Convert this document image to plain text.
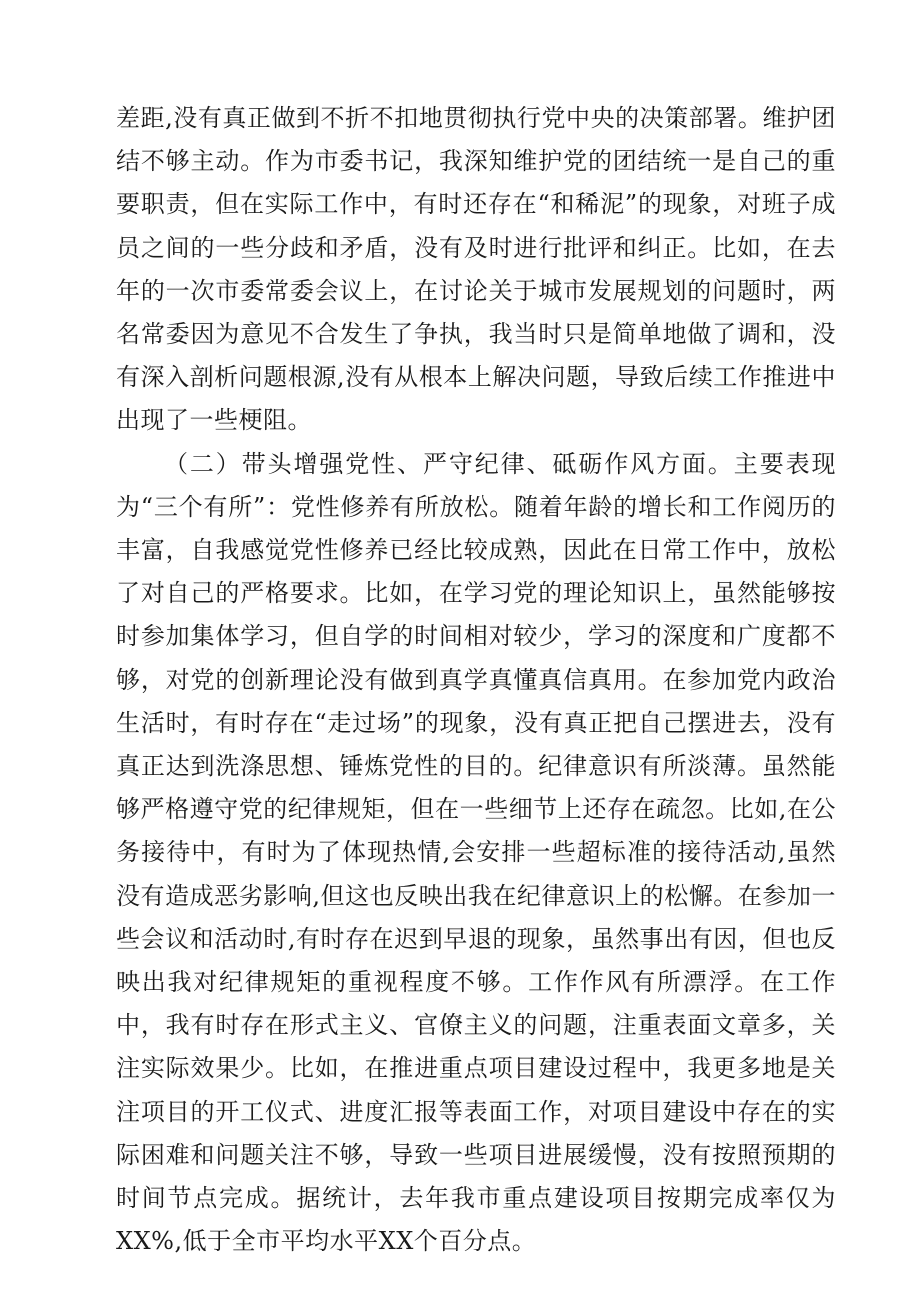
差距,没有真正做到不折不扣地贯彻执行党中央的决策部署。维护团结不够主动。作为市委书记，我深知维护党的团结统一是自己的重要职责，但在实际工作中，有时还存在“和稀泥”的现象，对班子成员之间的一些分歧和矛盾，没有及时进行批评和纠正。比如，在去年的一次市委常委会议上，在讨论关于城市发展规划的问题时，两名常委因为意见不合发生了争执，我当时只是简单地做了调和，没有深入剖析问题根源,没有从根本上解决问题，导致后续工作推进中出现了一些梗阻。

（二）带头增强党性、严守纪律、砥砺作风方面。主要表现为“三个有所”：党性修养有所放松。随着年龄的增长和工作阅历的丰富，自我感觉党性修养已经比较成熟，因此在日常工作中，放松了对自己的严格要求。比如，在学习党的理论知识上，虽然能够按时参加集体学习，但自学的时间相对较少，学习的深度和广度都不够，对党的创新理论没有做到真学真懂真信真用。在参加党内政治生活时，有时存在“走过场”的现象，没有真正把自己摆进去，没有真正达到洗涤思想、锤炼党性的目的。纪律意识有所淡薄。虽然能够严格遵守党的纪律规矩，但在一些细节上还存在疏忽。比如,在公务接待中，有时为了体现热情,会安排一些超标准的接待活动,虽然没有造成恶劣影响,但这也反映出我在纪律意识上的松懈。在参加一些会议和活动时,有时存在迟到早退的现象，虽然事出有因，但也反映出我对纪律规矩的重视程度不够。工作作风有所漂浮。在工作中，我有时存在形式主义、官僚主义的问题，注重表面文章多，关注实际效果少。比如，在推进重点项目建设过程中，我更多地是关注项目的开工仪式、进度汇报等表面工作，对项目建设中存在的实际困难和问题关注不够，导致一些项目进展缓慢，没有按照预期的时间节点完成。据统计，去年我市重点建设项目按期完成率仅为XX%,低于全市平均水平XX个百分点。
